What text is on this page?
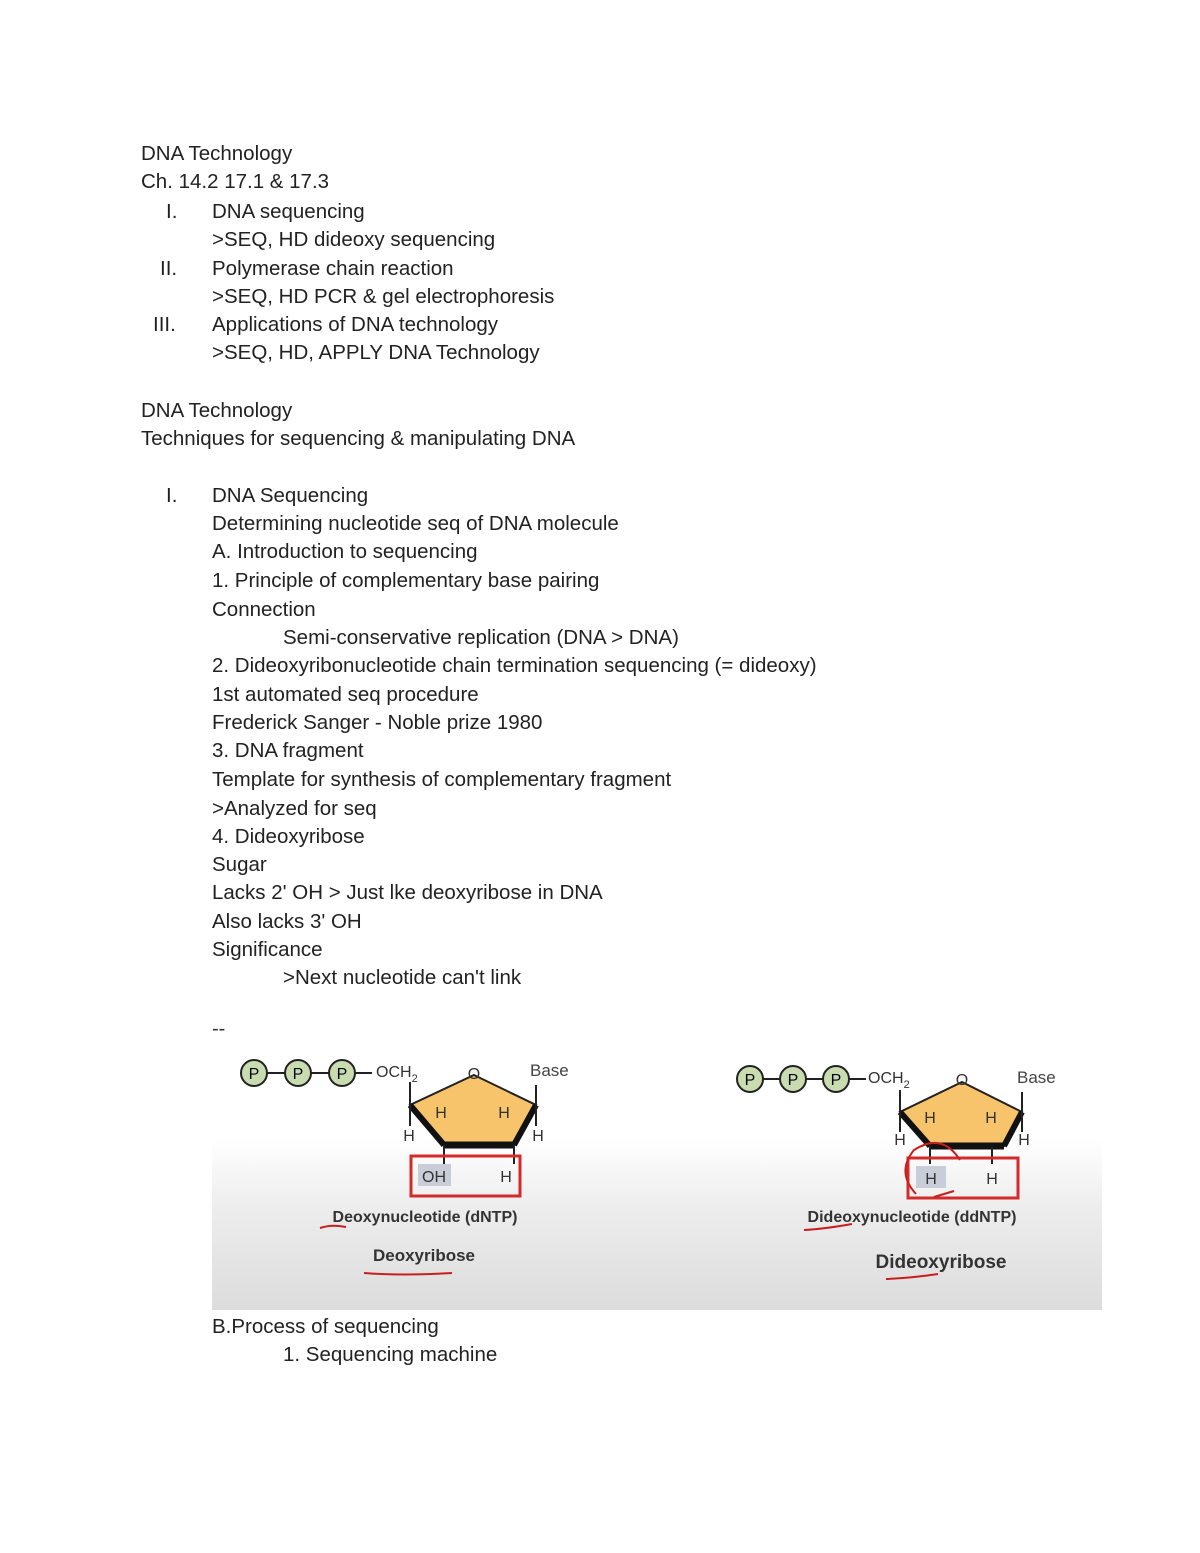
DNA Technology
Ch. 14.2 17.1 & 17.3
I. DNA sequencing
>SEQ, HD dideoxy sequencing
II. Polymerase chain reaction
>SEQ, HD PCR & gel electrophoresis
III. Applications of DNA technology
>SEQ, HD, APPLY DNA Technology
DNA Technology
Techniques for sequencing & manipulating DNA
I. DNA Sequencing
Determining nucleotide seq of DNA molecule
A. Introduction to sequencing
1. Principle of complementary base pairing
Connection
Semi-conservative replication (DNA > DNA)
2. Dideoxyribonucleotide chain termination sequencing (= dideoxy)
1st automated seq procedure
Frederick Sanger - Noble prize 1980
3. DNA fragment
Template for synthesis of complementary fragment
>Analyzed for seq
4. Dideoxyribose
Sugar
Lacks 2' OH > Just lke deoxyribose in DNA
Also lacks 3' OH
Significance
>Next nucleotide can't link
--
P P P $OCH_2$	O	Base
H	H
H	H
OH	H
Deoxynucleotide (dNTP)
Deoxyribose
P P P $OCH_2$	O	Base
H	H
H	H
H	H
Dideoxynucleotide (ddNTP)
Dideoxyribose
B.Process of sequencing
1. Sequencing machine
